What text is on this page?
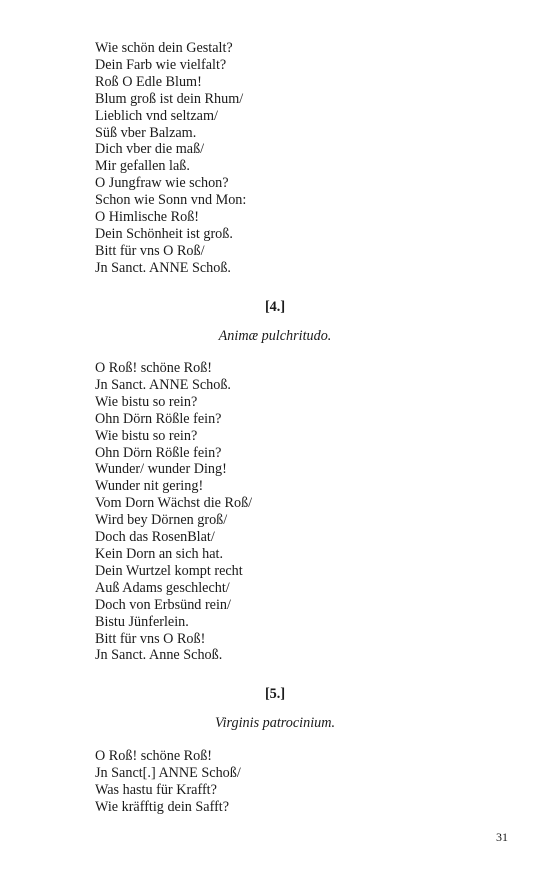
Wie schön dein Gestalt?
Dein Farb wie vielfalt?
Roß O Edle Blum!
Blum groß ist dein Rhum/
Lieblich vnd seltzam/
Süß vber Balzam.
Dich vber die maß/
Mir gefallen laß.
O Jungfraw wie schon?
Schon wie Sonn vnd Mon:
O Himlische Roß!
Dein Schönheit ist groß.
Bitt für vns O Roß/
Jn Sanct. ANNE Schoß.
[4.]
Animæ pulchritudo.
O Roß! schöne Roß!
Jn Sanct. ANNE Schoß.
Wie bistu so rein?
Ohn Dörn Rößle fein?
Wie bistu so rein?
Ohn Dörn Rößle fein?
Wunder/ wunder Ding!
Wunder nit gering!
Vom Dorn Wächst die Roß/
Wird bey Dörnen groß/
Doch das RosenBlat/
Kein Dorn an sich hat.
Dein Wurtzel kompt recht
Auß Adams geschlecht/
Doch von Erbsünd rein/
Bistu Jünferlein.
Bitt für vns O Roß!
Jn Sanct. Anne Schoß.
[5.]
Virginis patrocinium.
O Roß! schöne Roß!
Jn Sanct[.] ANNE Schoß/
Was hastu für Krafft?
Wie kräfftig dein Safft?
31
